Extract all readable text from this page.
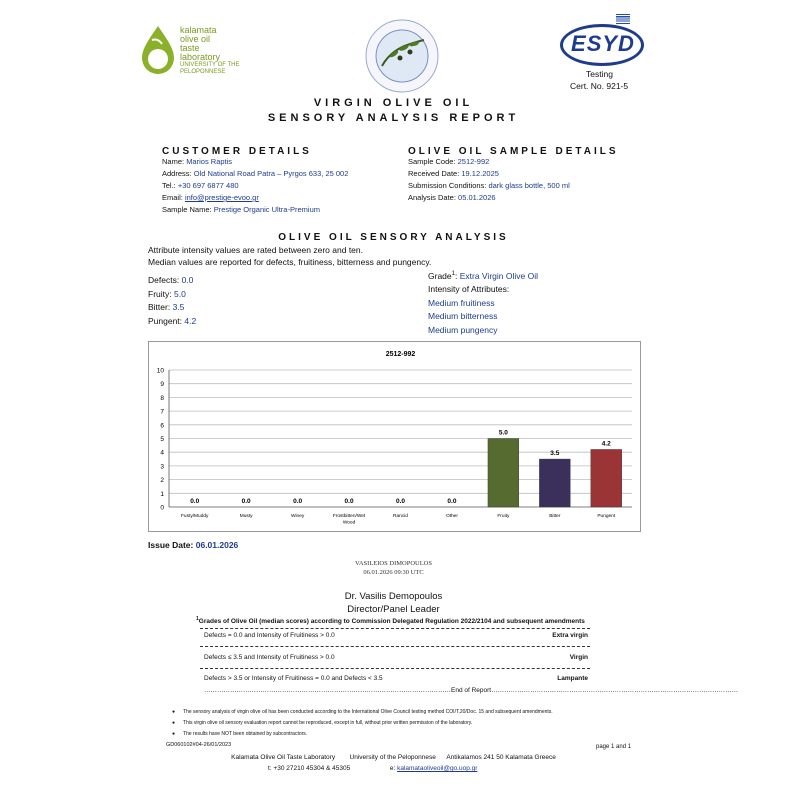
kalamata
olive oil
taste
laboratory
UNIVERSITY OF THE
PELOPONNESE
ESYD
Testing
Cert. No. 921-5
VIRGIN OLIVE OIL
SENSORY ANALYSIS REPORT
CUSTOMER DETAILS
Name: Marios Raptis
Address: Old National Road Patra – Pyrgos 633, 25 002
Tel.: +30 697 6877 480
Email: info@prestige-evoo.gr
Sample Name: Prestige Organic Ultra-Premium
OLIVE OIL SAMPLE DETAILS
Sample Code: 2512-992
Received Date: 19.12.2025
Submission Conditions: dark glass bottle, 500 ml
Analysis Date: 05.01.2026
OLIVE OIL SENSORY ANALYSIS
Attribute intensity values are rated between zero and ten.
Median values are reported for defects, fruitiness, bitterness and pungency.
Defects: 0.0
Fruity: 5.0
Bitter: 3.5
Pungent: 4.2
Grade$^1$: Extra Virgin Olive Oil
Intensity of Attributes:
Medium fruitiness
Medium bitterness
Medium pungency
2512-992
0
1
2
3
4
5
6
7
8
9
10
0.0
Fusty/Muddy
0.0
Musty
0.0
Winey
0.0
Frostbitten/Wet
Wood
0.0
Rancid
0.0
Other
5.0
Fruity
3.5
Bitter
4.2
Pungent
Issue Date: 06.01.2026
VASILEIOS DIMOPOULOS
06.01.2026 09:30 UTC
Dr. Vasilis Demopoulos
Director/Panel Leader
$^1$Grades of Olive Oil (median scores) according to Commission Delegated Regulation 2022/2104 and subsequent amendments
Defects = 0.0 and Intensity of Fruitiness > 0.0	Extra virgin
Defects ≤ 3.5 and Intensity of Fruitiness > 0.0	Virgin
Defects > 3.5 or Intensity of Fruitiness = 0.0 and Defects < 3.5	Lampante
……………………………………………………………………………………………………End of Report……………………………………………………………………………………………………
● The sensory analysis of virgin olive oil has been conducted according to the International Olive Council testing method COI/T.20/Doc. 15 and subsequent amendments.
● This virgin olive oil sensory evaluation report cannot be reproduced, except in full, without prior written permission of the laboratory.
● The results have NOT been obtained by subcontractors.
GD060102#04-26/01/2023	page 1 and 1
Kalamata Olive Oil Taste Laboratory        University of the Peloponnese      Antikalamos 241 50 Kalamata Greece
t: +30 27210 45304 & 45305	e: kalamataoliveoil@go.uop.gr
